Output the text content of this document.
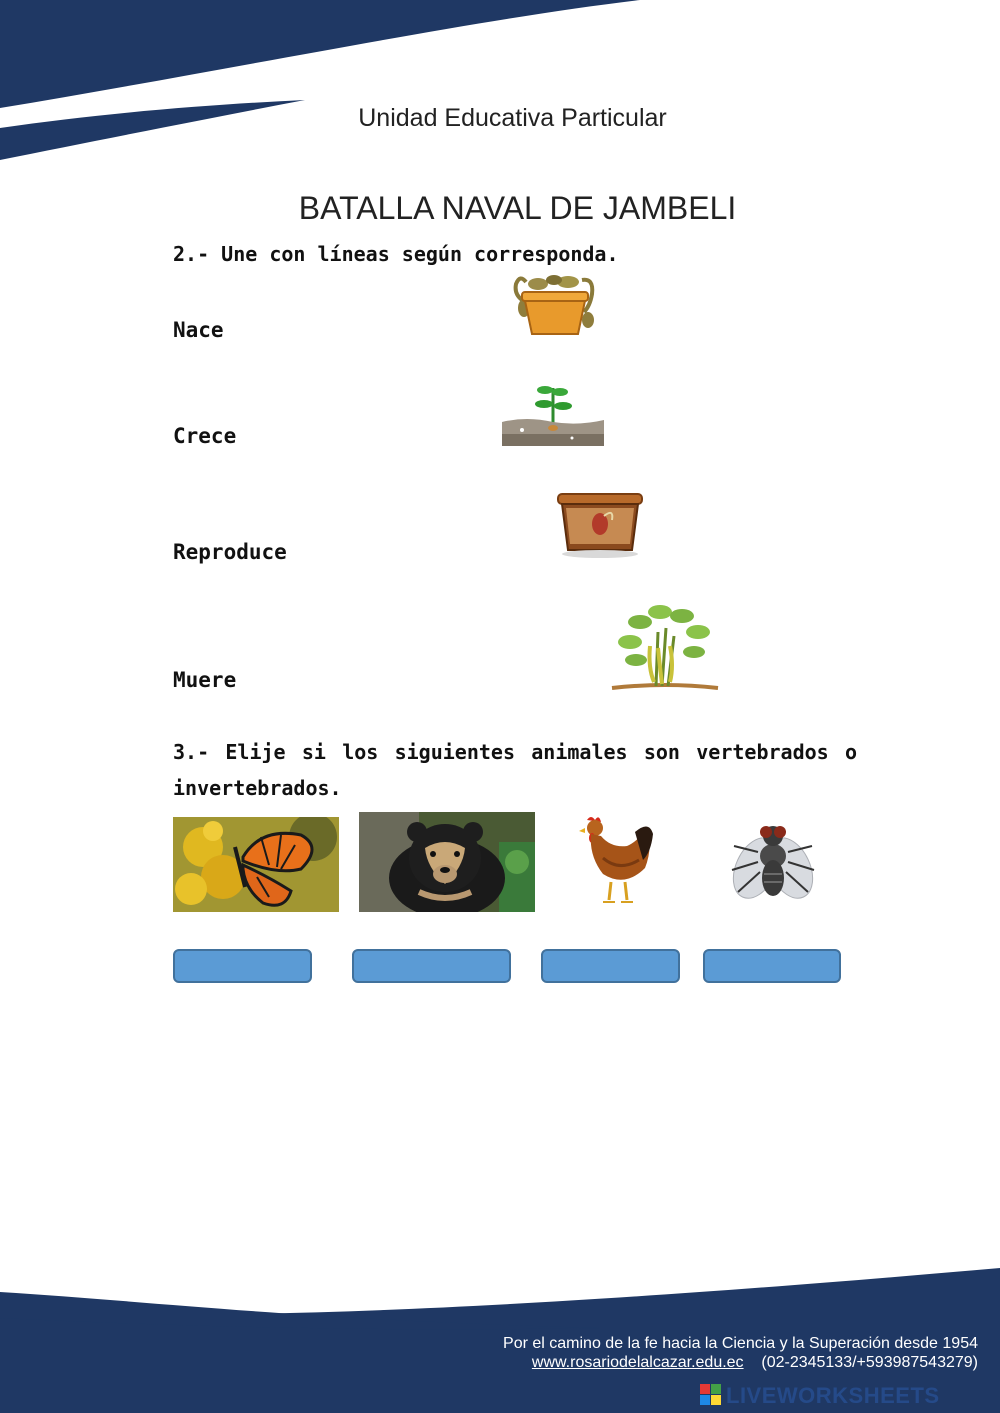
Unidad Educativa Particular
BATALLA NAVAL DE JAMBELI
2.- Une con líneas según corresponda.
Nace
Crece
Reproduce
Muere
3.- Elije si los siguientes animales son vertebrados o invertebrados.
Por el camino de la fe hacia la Ciencia y la Superación desde 1954
www.rosariodelalcazar.edu.ec (02-2345133/+593987543279)
LIVEWORKSHEETS
